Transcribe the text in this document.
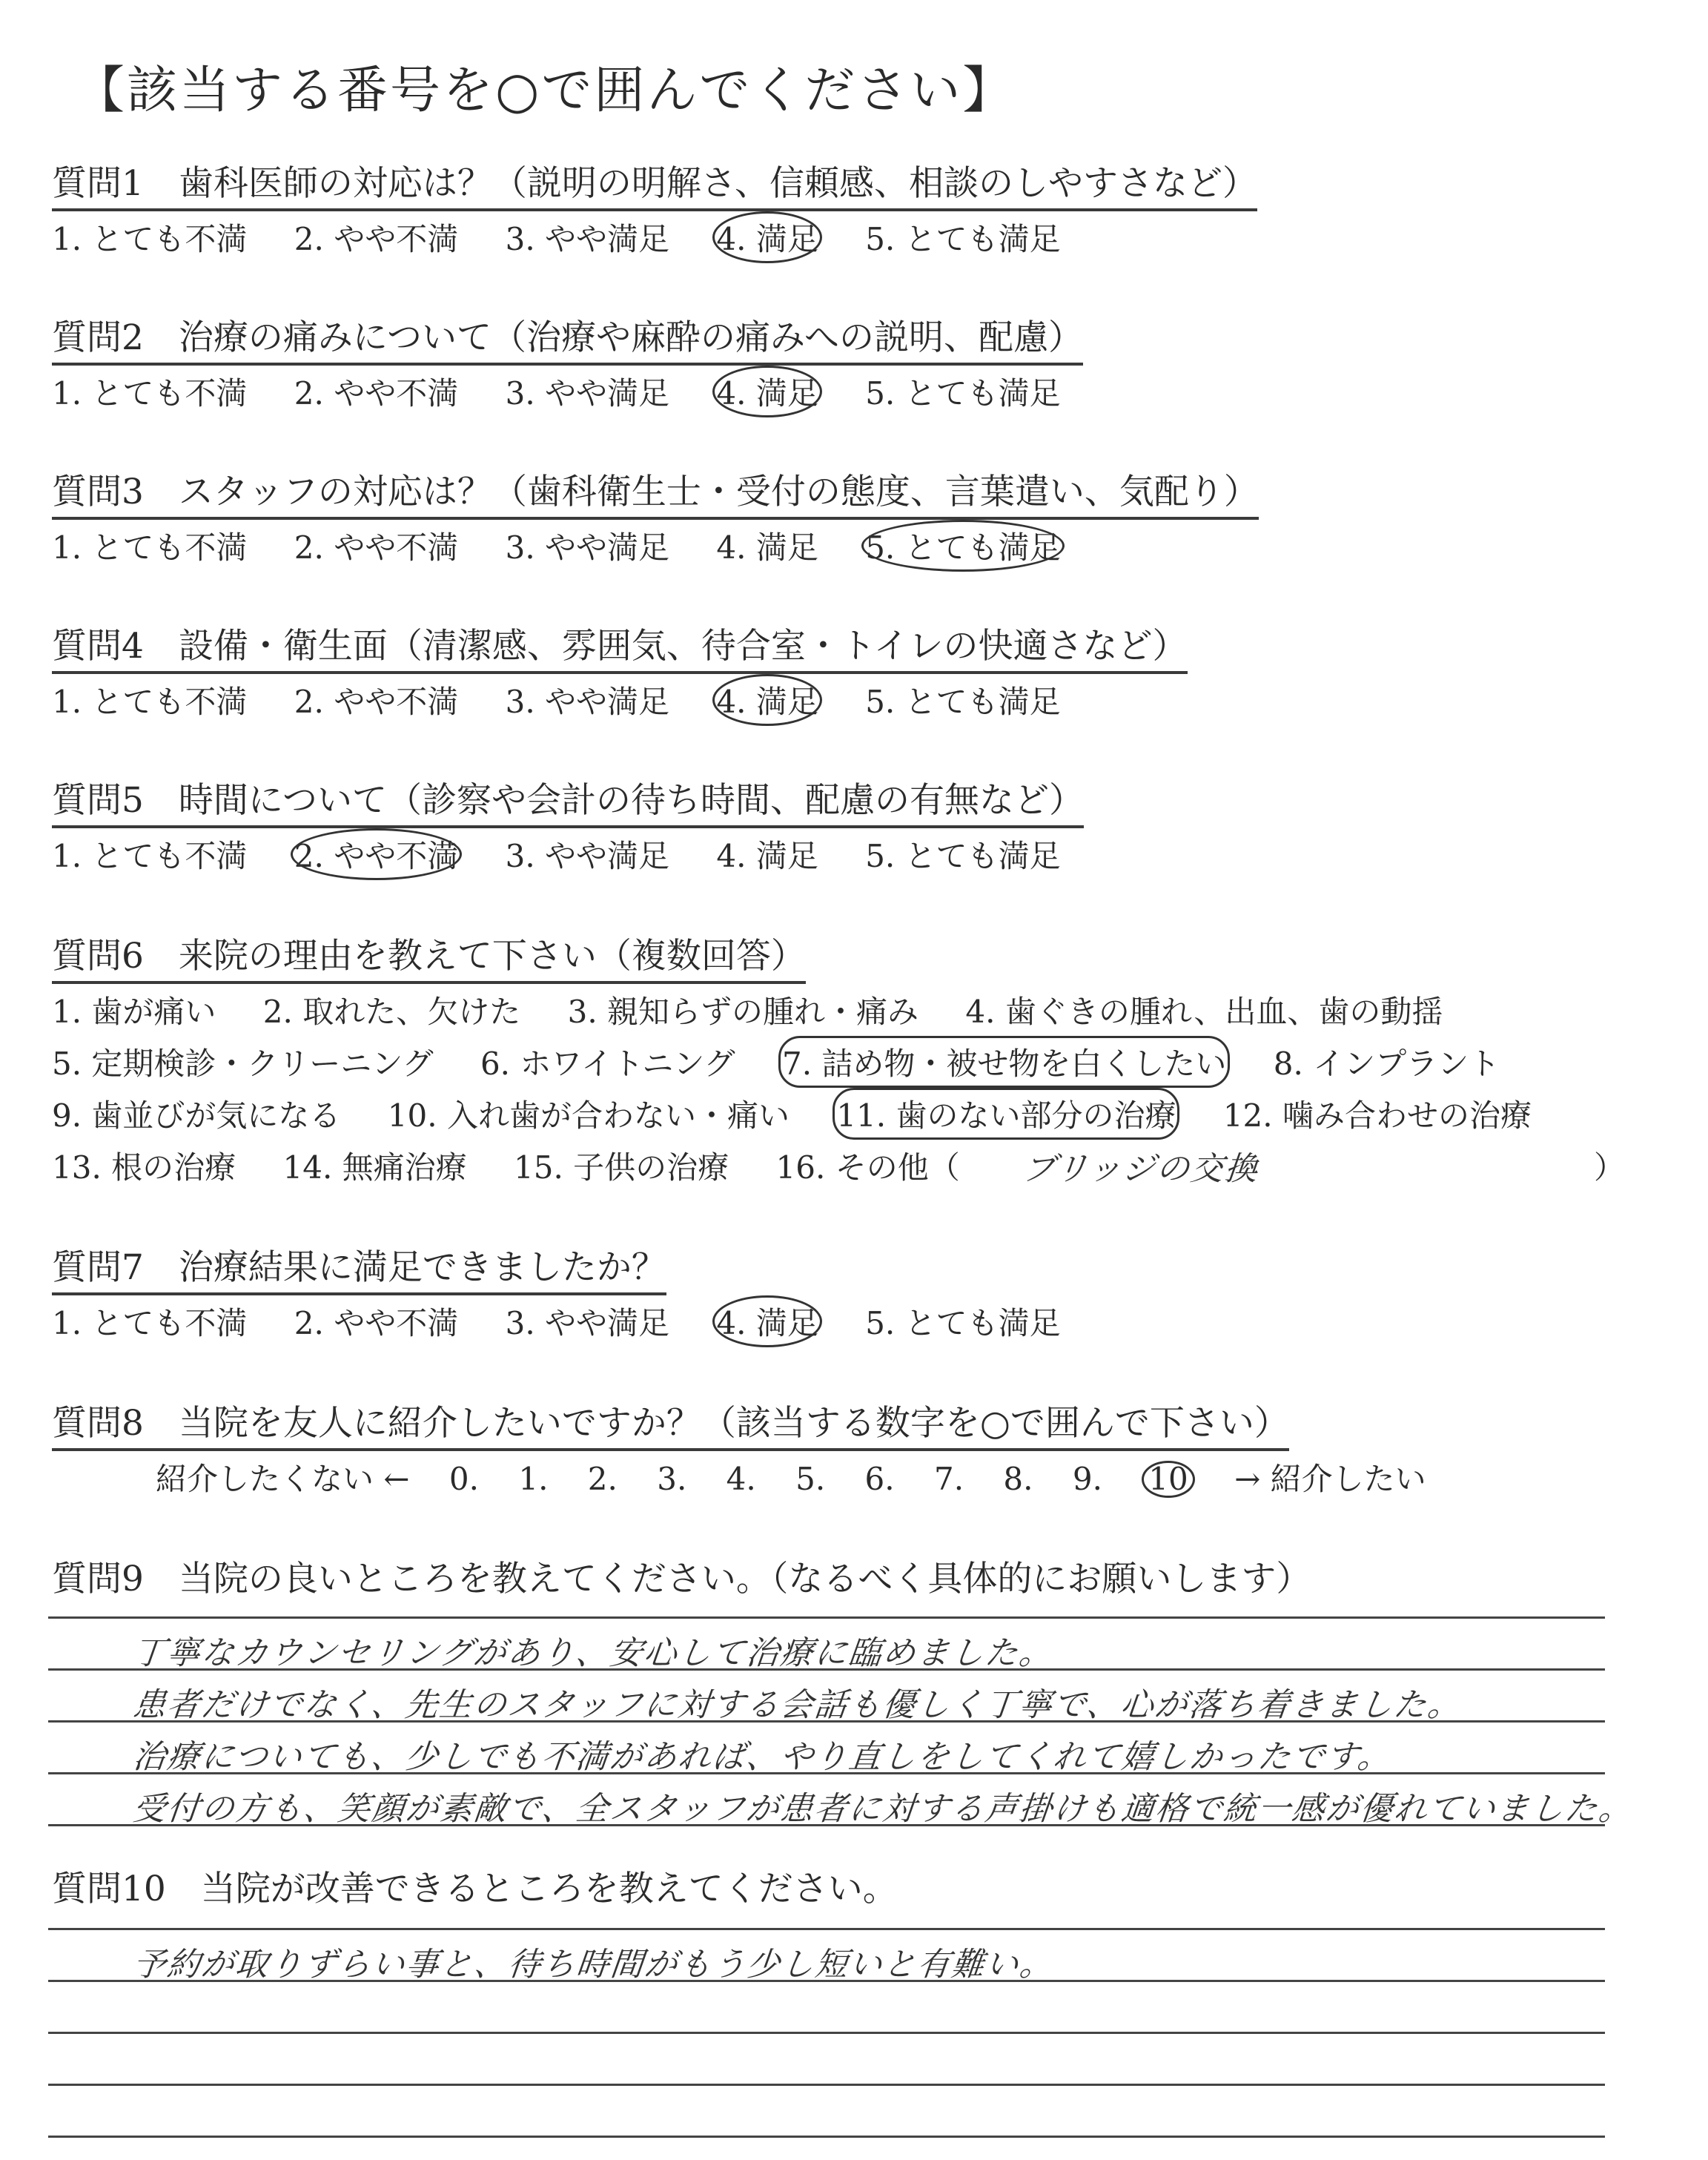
【該当する番号を○で囲んでください】
質問1　歯科医師の対応は？（説明の明解さ、信頼感、相談のしやすさなど）
1. とても不満 2. やや不満 3. やや満足 4. 満足 5. とても満足
質問2　治療の痛みについて（治療や麻酔の痛みへの説明、配慮）
1. とても不満 2. やや不満 3. やや満足 4. 満足 5. とても満足
質問3　スタッフの対応は？（歯科衛生士・受付の態度、言葉遣い、気配り）
1. とても不満 2. やや不満 3. やや満足 4. 満足 5. とても満足
質問4　設備・衛生面（清潔感、雰囲気、待合室・トイレの快適さなど）
1. とても不満 2. やや不満 3. やや満足 4. 満足 5. とても満足
質問5　時間について（診察や会計の待ち時間、配慮の有無など）
1. とても不満 2. やや不満 3. やや満足 4. 満足 5. とても満足
質問6　来院の理由を教えて下さい（複数回答）
1. 歯が痛い 2. 取れた、欠けた 3. 親知らずの腫れ・痛み 4. 歯ぐきの腫れ、出血、歯の動揺
5. 定期検診・クリーニング 6. ホワイトニング 7. 詰め物・被せ物を白くしたい 8. インプラント
9. 歯並びが気になる 10. 入れ歯が合わない・痛い 11. 歯のない部分の治療 12. 噛み合わせの治療
13. 根の治療 14. 無痛治療 15. 子供の治療 16. その他（	ブリッジの交換	）
質問7　治療結果に満足できましたか？
1. とても不満 2. やや不満 3. やや満足 4. 満足 5. とても満足
質問8　当院を友人に紹介したいですか？（該当する数字を○で囲んで下さい）
紹介したくない ← 0. 1. 2. 3. 4. 5. 6. 7. 8. 9. 10 → 紹介したい
質問9　当院の良いところを教えてください。（なるべく具体的にお願いします）
丁寧なカウンセリングがあり、安心して治療に臨めました。
患者だけでなく、先生のスタッフに対する会話も優しく丁寧で、心が落ち着きました。
治療についても、少しでも不満があれば、やり直しをしてくれて嬉しかったです。
受付の方も、笑顔が素敵で、全スタッフが患者に対する声掛けも適格で統一感が優れていました。
質問10　当院が改善できるところを教えてください。
予約が取りずらい事と、待ち時間がもう少し短いと有難い。
